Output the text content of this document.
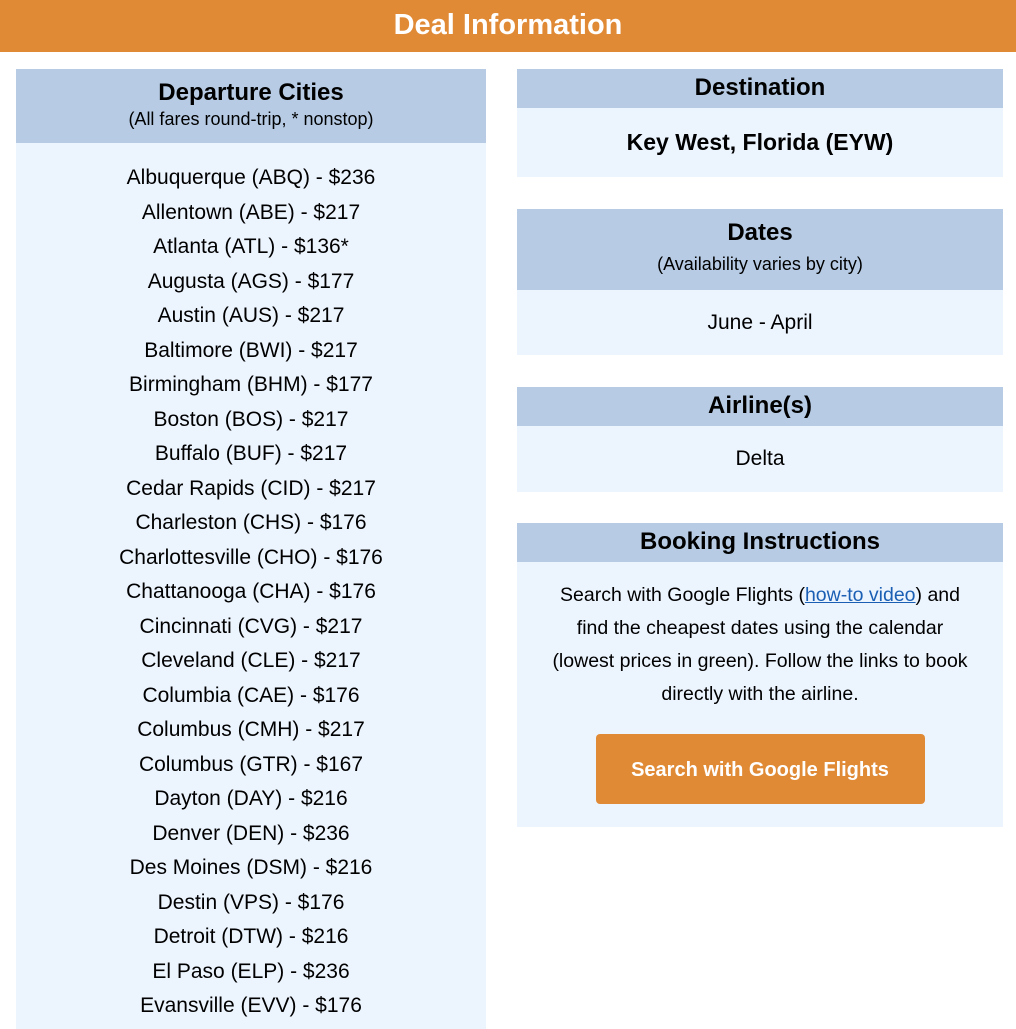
Deal Information
Departure Cities
(All fares round-trip, * nonstop)
Albuquerque (ABQ) - $236
Allentown (ABE) - $217
Atlanta (ATL) - $136*
Augusta (AGS) - $177
Austin (AUS) - $217
Baltimore (BWI) - $217
Birmingham (BHM) - $177
Boston (BOS) - $217
Buffalo (BUF) - $217
Cedar Rapids (CID) - $217
Charleston (CHS) - $176
Charlottesville (CHO) - $176
Chattanooga (CHA) - $176
Cincinnati (CVG) - $217
Cleveland (CLE) - $217
Columbia (CAE) - $176
Columbus (CMH) - $217
Columbus (GTR) - $167
Dayton (DAY) - $216
Denver (DEN) - $236
Des Moines (DSM) - $216
Destin (VPS) - $176
Detroit (DTW) - $216
El Paso (ELP) - $236
Evansville (EVV) - $176
Destination
Key West, Florida (EYW)
Dates
(Availability varies by city)
June - April
Airline(s)
Delta
Booking Instructions
Search with Google Flights (how-to video) and find the cheapest dates using the calendar (lowest prices in green). Follow the links to book directly with the airline.
Search with Google Flights
